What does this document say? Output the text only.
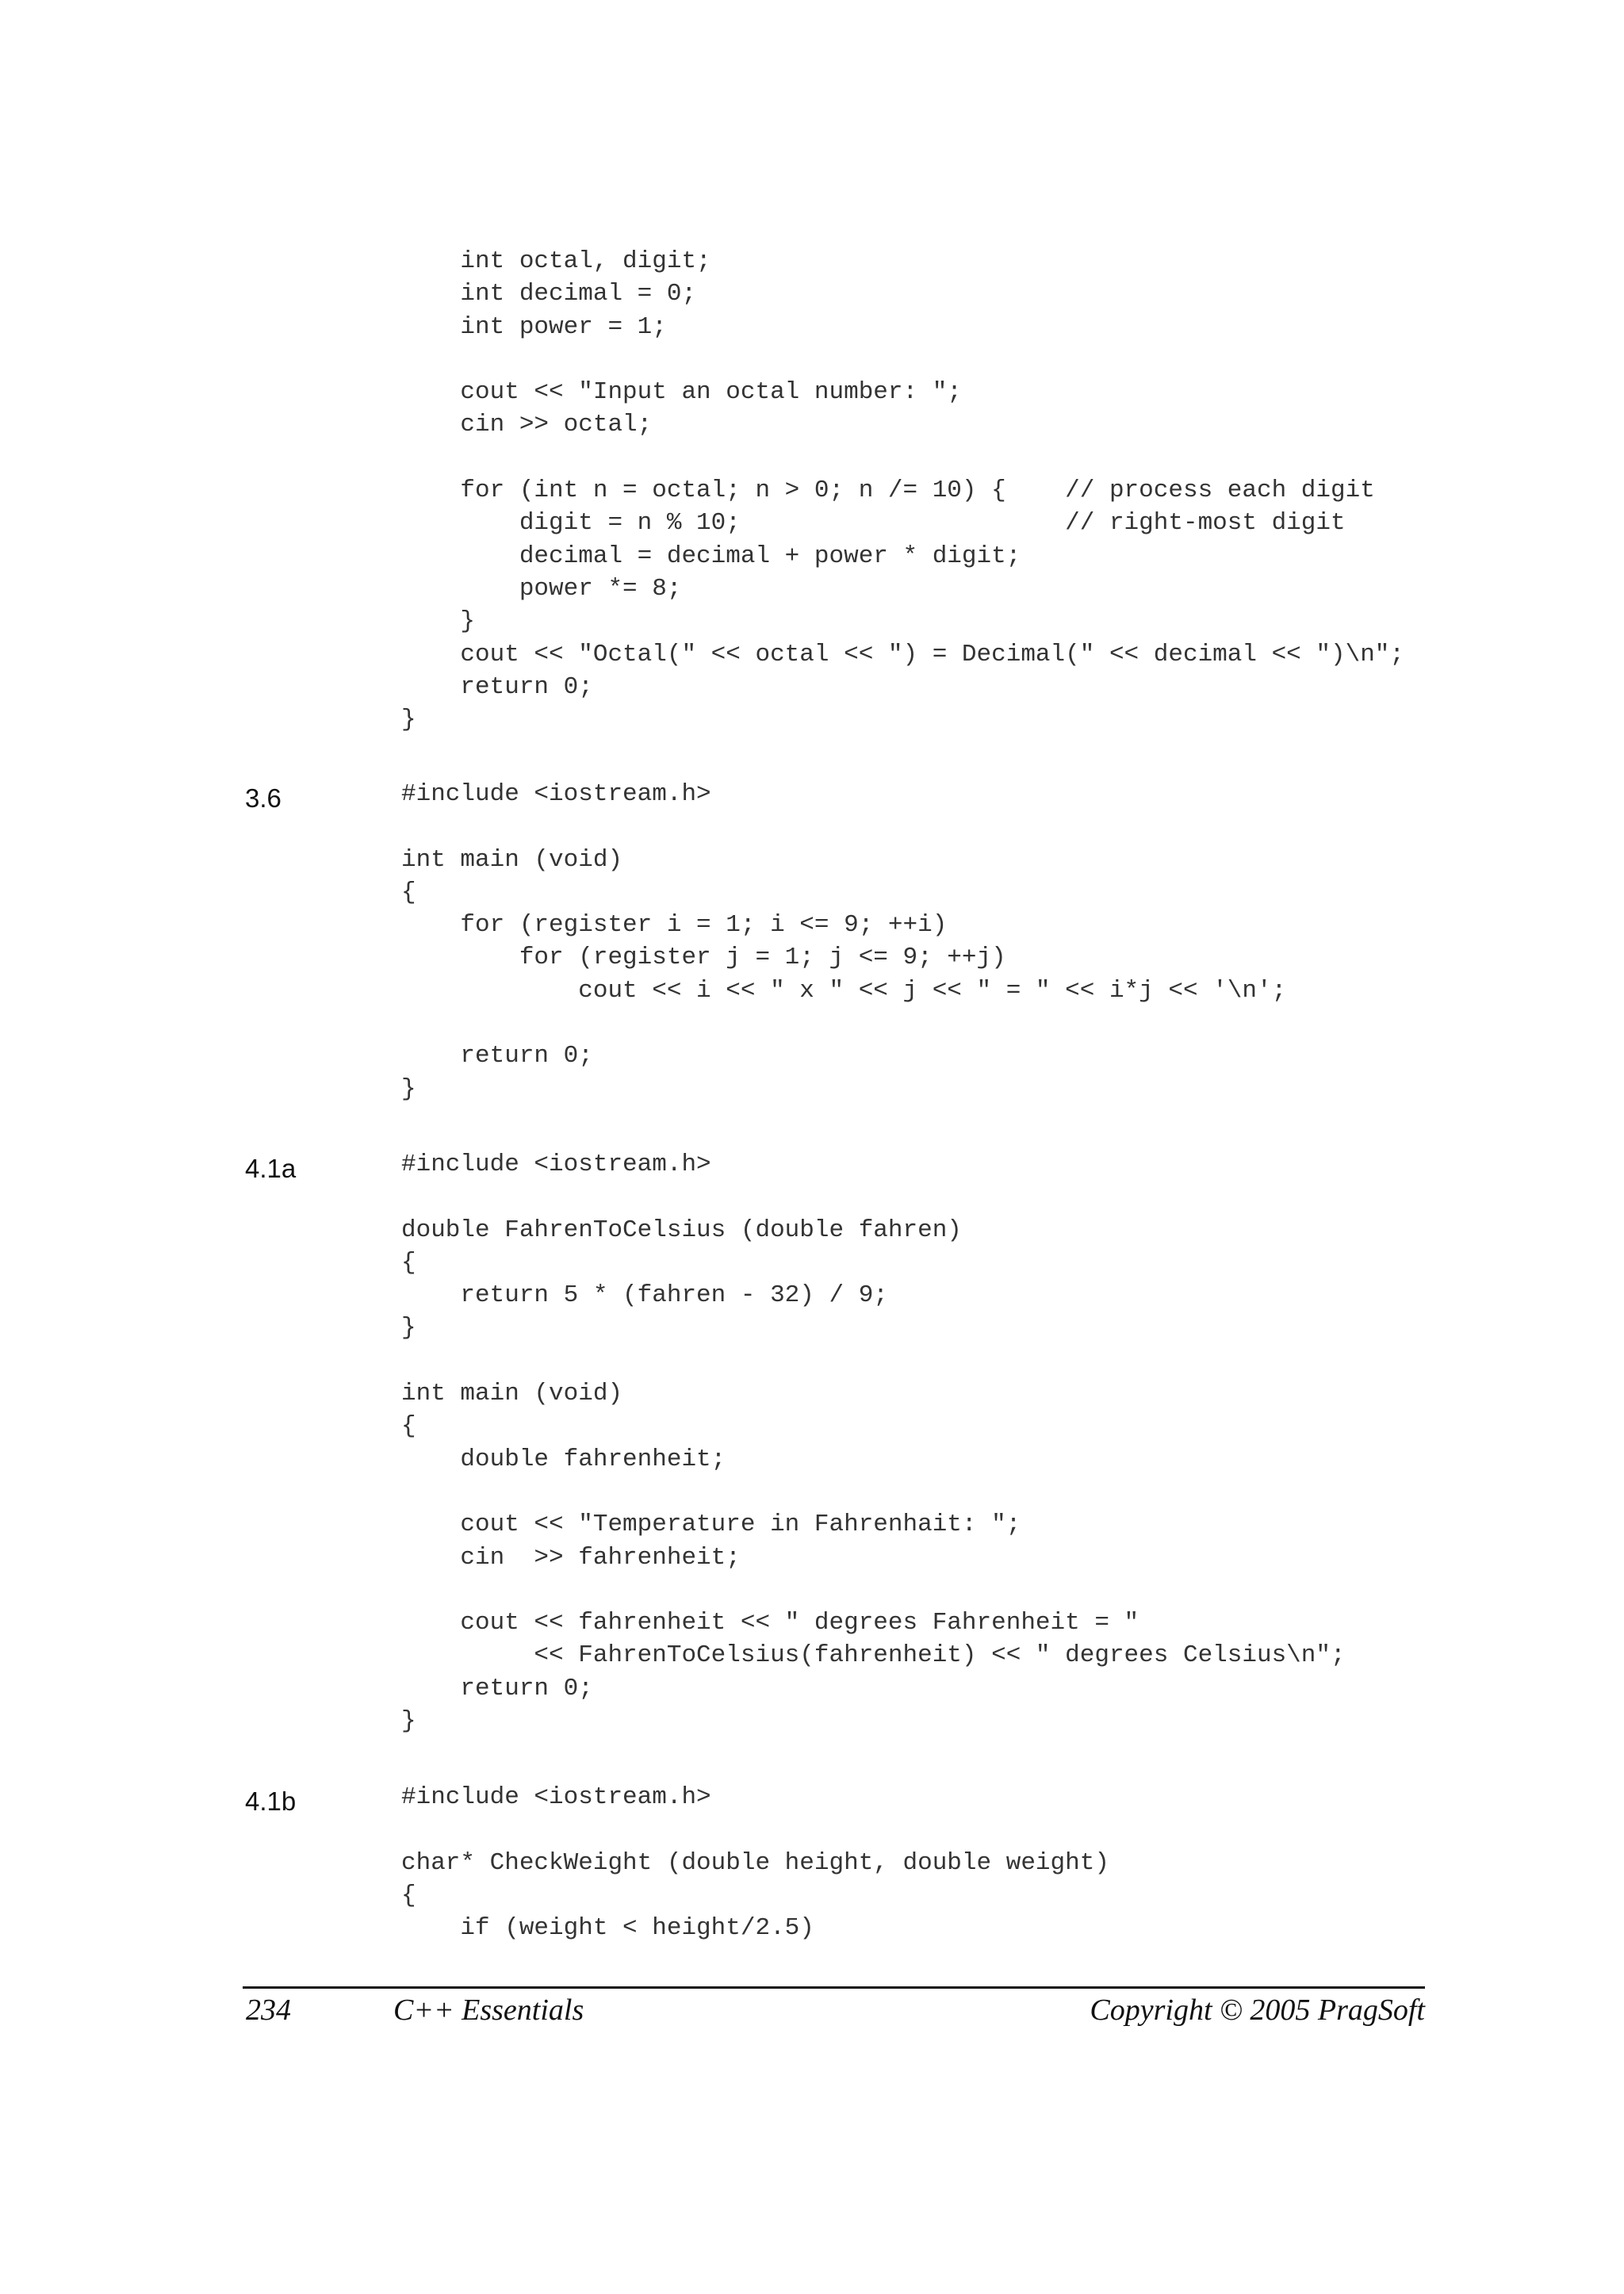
int octal, digit;
int decimal = 0;
int power = 1;

cout << "Input an octal number: ";
cin >> octal;

for (int n = octal; n > 0; n /= 10) {    // process each digit
digit = n % 10;                      // right-most digit
decimal = decimal + power * digit;
power *= 8;
}
cout << "Octal(" << octal << ") = Decimal(" << decimal << ")\n";
return 0;
}
3.6	#include <iostream.h>

int main (void)
{
for (register i = 1; i <= 9; ++i)
for (register j = 1; j <= 9; ++j)
cout << i << " x " << j << " = " << i*j << '\n';

return 0;
}
4.1a	#include <iostream.h>

double FahrenToCelsius (double fahren)
{
return 5 * (fahren - 32) / 9;
}

int main (void)
{
double fahrenheit;

cout << "Temperature in Fahrenhait: ";
cin  >> fahrenheit;

cout << fahrenheit << " degrees Fahrenheit = "
<< FahrenToCelsius(fahrenheit) << " degrees Celsius\n";
return 0;
}
4.1b	#include <iostream.h>

char* CheckWeight (double height, double weight)
{
if (weight < height/2.5)
234	C++ Essentials	Copyright © 2005 PragSoft
